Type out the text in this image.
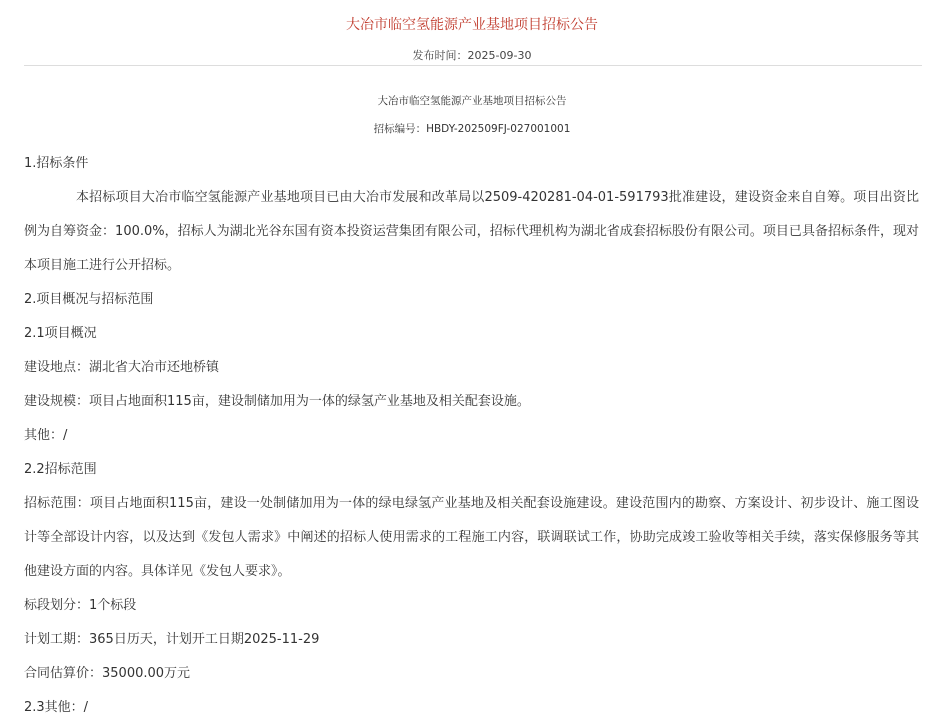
大冶市临空氢能源产业基地项目招标公告
发布时间：2025-09-30
大冶市临空氢能源产业基地项目招标公告
招标编号：HBDY-202509FJ-027001001

1.招标条件

本招标项目大冶市临空氢能源产业基地项目已由大冶市发展和改革局以2509-420281-04-01-591793批准建设，建设资金来自自筹。项目出资比例为自筹资金：100.0%，招标人为湖北光谷东国有资本投资运营集团有限公司，招标代理机构为湖北省成套招标股份有限公司。项目已具备招标条件，现对本项目施工进行公开招标。

2.项目概况与招标范围

2.1项目概况

建设地点：湖北省大冶市还地桥镇

建设规模：项目占地面积115亩，建设制储加用为一体的绿氢产业基地及相关配套设施。

其他：/

2.2招标范围

招标范围：项目占地面积115亩，建设一处制储加用为一体的绿电绿氢产业基地及相关配套设施建设。建设范围内的勘察、方案设计、初步设计、施工图设计等全部设计内容，以及达到《发包人需求》中阐述的招标人使用需求的工程施工内容，联调联试工作，协助完成竣工验收等相关手续，落实保修服务等其他建设方面的内容。具体详见《发包人要求》。

标段划分：1个标段

计划工期：365日历天，计划开工日期2025-11-29

合同估算价：35000.00万元

2.3其他：/
